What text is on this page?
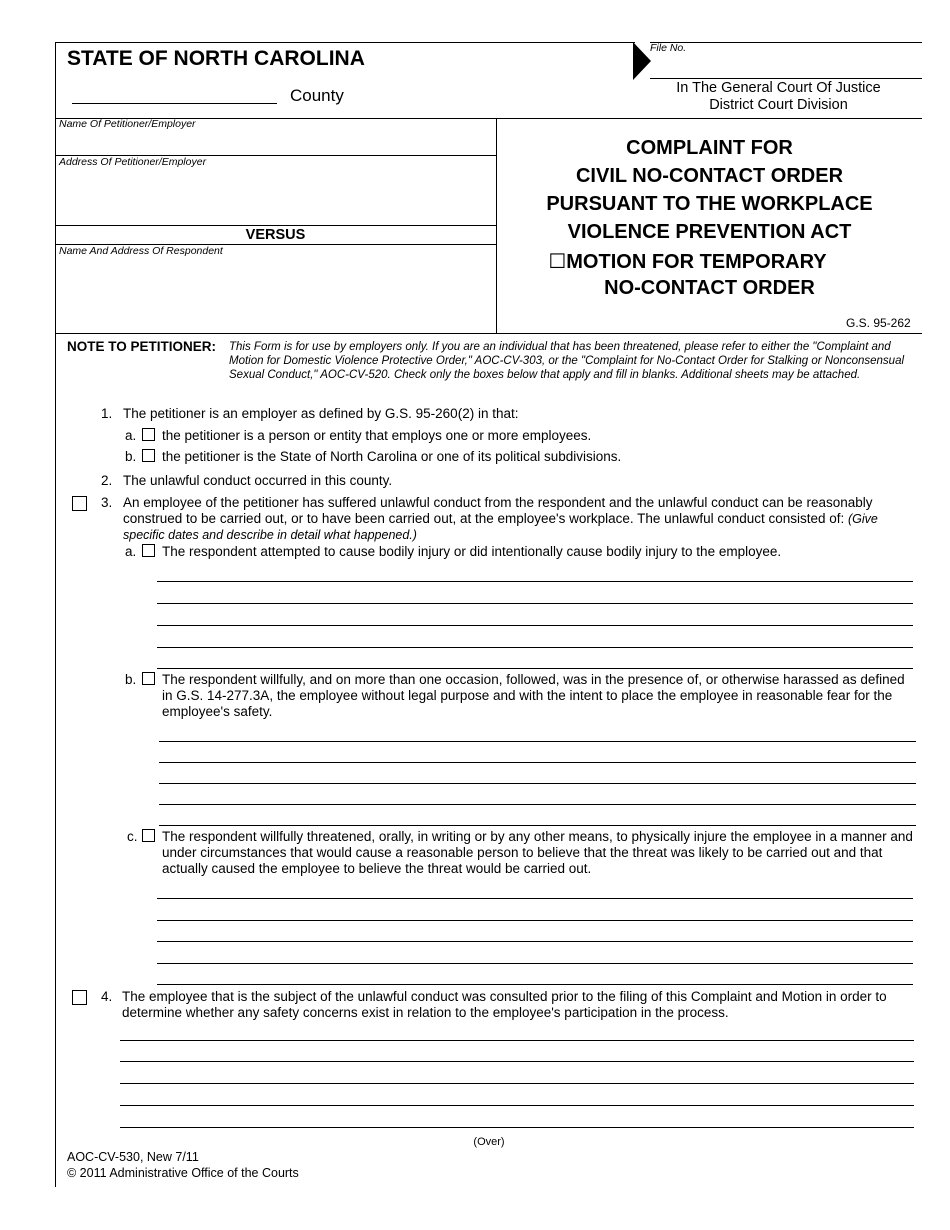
STATE OF NORTH CAROLINA
County
File No.
In The General Court Of Justice
District Court Division
Name Of Petitioner/Employer
Address Of Petitioner/Employer
VERSUS
Name And Address Of Respondent
COMPLAINT FOR
CIVIL NO-CONTACT ORDER
PURSUANT TO THE WORKPLACE
VIOLENCE PREVENTION ACT
☐MOTION FOR TEMPORARY
NO-CONTACT ORDER
G.S. 95-262
NOTE TO PETITIONER: This Form is for use by employers only. If you are an individual that has been threatened, please refer to either the "Complaint and Motion for Domestic Violence Protective Order," AOC-CV-303, or the "Complaint for No-Contact Order for Stalking or Nonconsensual Sexual Conduct," AOC-CV-520. Check only the boxes below that apply and fill in blanks. Additional sheets may be attached.
1. The petitioner is an employer as defined by G.S. 95-260(2) in that:
a. the petitioner is a person or entity that employs one or more employees.
b. the petitioner is the State of North Carolina or one of its political subdivisions.
2. The unlawful conduct occurred in this county.
3. An employee of the petitioner has suffered unlawful conduct from the respondent and the unlawful conduct can be reasonably construed to be carried out, or to have been carried out, at the employee's workplace. The unlawful conduct consisted of: (Give specific dates and describe in detail what happened.)
a. The respondent attempted to cause bodily injury or did intentionally cause bodily injury to the employee.
b. The respondent willfully, and on more than one occasion, followed, was in the presence of, or otherwise harassed as defined in G.S. 14-277.3A, the employee without legal purpose and with the intent to place the employee in reasonable fear for the employee's safety.
c. The respondent willfully threatened, orally, in writing or by any other means, to physically injure the employee in a manner and under circumstances that would cause a reasonable person to believe that the threat was likely to be carried out and that actually caused the employee to believe the threat would be carried out.
4. The employee that is the subject of the unlawful conduct was consulted prior to the filing of this Complaint and Motion in order to determine whether any safety concerns exist in relation to the employee's participation in the process.
(Over)
AOC-CV-530, New 7/11
© 2011 Administrative Office of the Courts
